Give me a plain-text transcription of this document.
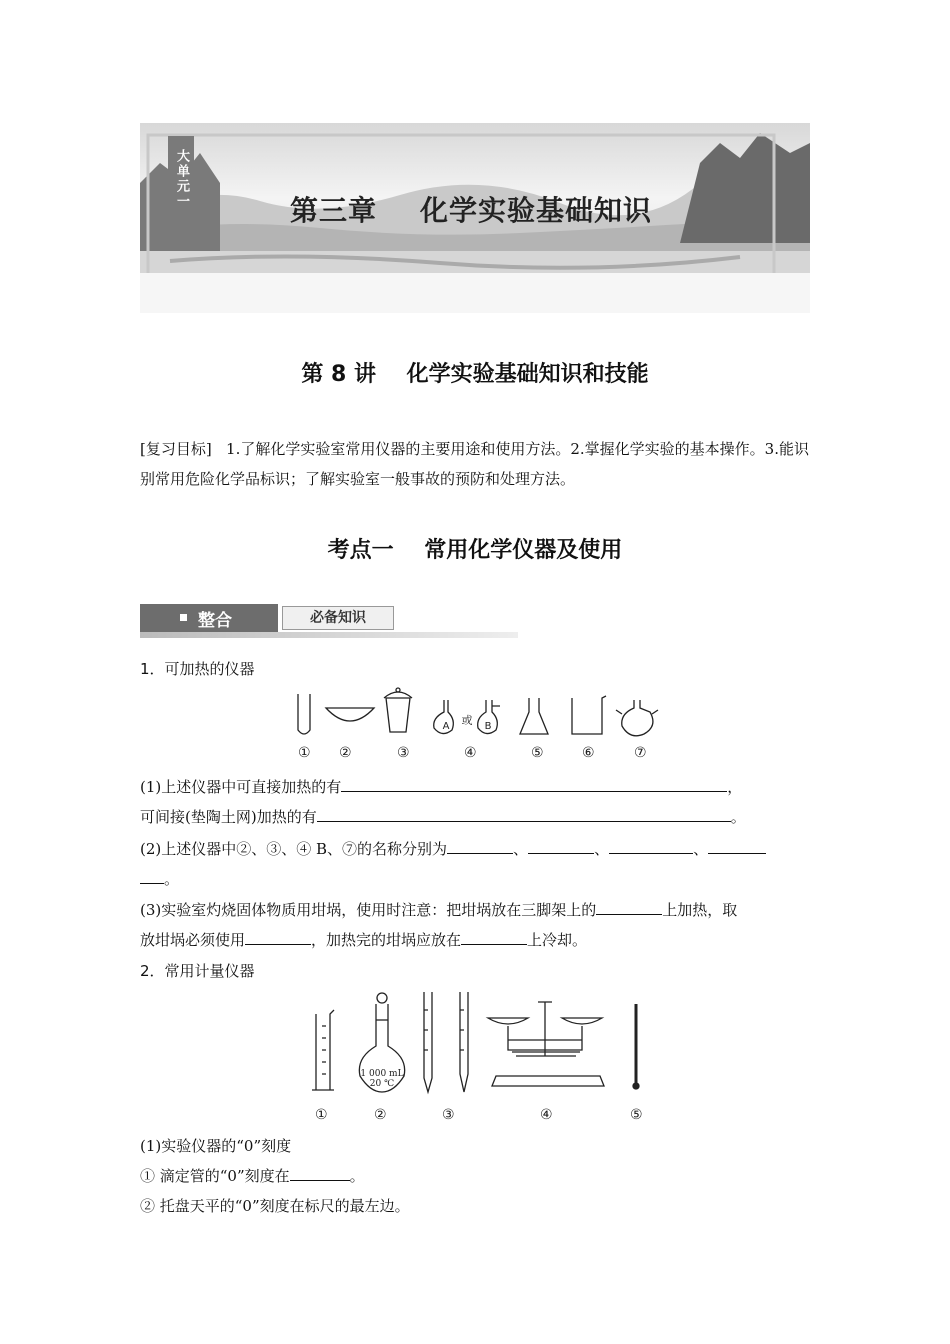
大单元一
第三章    化学实验基础知识
第 8 讲    化学实验基础知识和技能
[复习目标] 1.了解化学实验室常用仪器的主要用途和使用方法。2.掌握化学实验的基本操作。3.能识别常用危险化学品标识；了解实验室一般事故的预防和处理方法。
考点一    常用化学仪器及使用
整合	必备知识
1．可加热的仪器
A 或 B
① ②	③	④	⑤	⑥	⑦
(1)上述仪器中可直接加热的有	，
可间接(垫陶土网)加热的有	。
(2)上述仪器中②、③、④ B、⑦的名称分别为	、	、	、
。
(3)实验室灼烧固体物质用坩埚，使用时注意：把坩埚放在三脚架上的	上加热，取
放坩埚必须使用	，加热完的坩埚应放在	上冷却。
2．常用计量仪器
1 000 mL
20 ℃
①	②	③	④	⑤
(1)实验仪器的“0”刻度
① 滴定管的“0”刻度在	。
② 托盘天平的“0”刻度在标尺的最左边。
